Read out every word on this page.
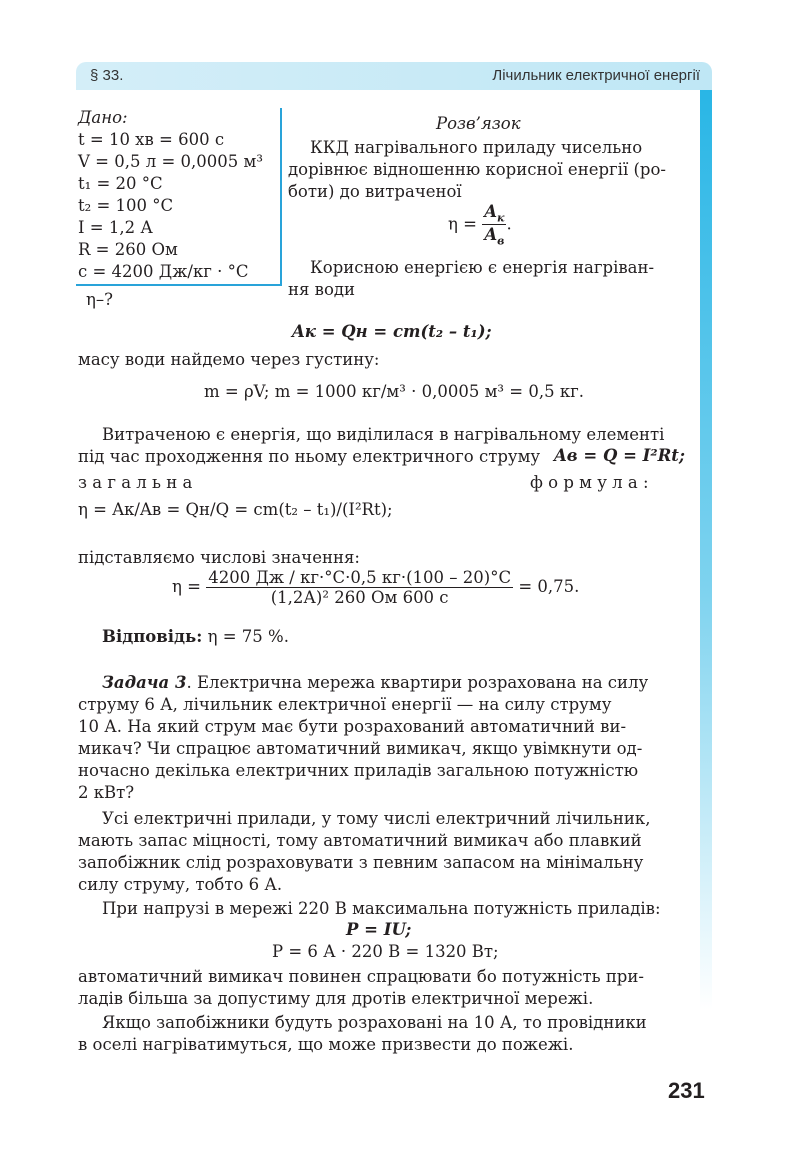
§ 33.	Лічильник електричної енергії
Дано:
t = 10 хв = 600 с
V = 0,5 л = 0,0005 м³
t₁ = 20 °С
t₂ = 100 °С
I = 1,2 А
R = 260 Ом
c = 4200 Дж/кг · °С
η–?
Розв’язок
ККД нагрівального приладу чисельно
дорівнює відношенню корисної енергії (ро-
боти) до витраченої
$\eta = \frac{A_к}{A_в}$ .
Корисною енергією є енергія нагріван-
ня води
Aк = Qн = cm(t₂ – t₁);
масу води найдемо через густину:
m = ρV; m = 1000 кг/м³ · 0,0005 м³ = 0,5 кг.
Витраченою є енергія, що виділилася в нагрівальному елементі
під час проходження по ньому електричного струму Aв = Q = I²Rt;
з а г а л ь н а	ф о р м у л а :
η = Aк/Aв = Qн/Q = cm(t₂ – t₁)/(I²Rt);
підставляємо числові значення:
$\eta = \frac{4200 Дж / кг\cdot^\circ С\cdot 0,5 кг\cdot(100 - 20)^\circ С}{\text{(1,2А)² 260 Ом 600 с}} = 0,75$.
Відповідь: η = 75 %.
Задача 3. Електрична мережа квартири розрахована на силу
струму 6 А, лічильник електричної енергії — на силу струму
10 А. На який струм має бути розрахований автоматичний ви-
микач? Чи спрацює автоматичний вимикач, якщо увімкнути од-
ночасно декілька електричних приладів загальною потужністю
2 кВт?
Усі електричні прилади, у тому числі електричний лічильник,
мають запас міцності, тому автоматичний вимикач або плавкий
запобіжник слід розраховувати з певним запасом на мінімальну
силу струму, тобто 6 А.
При напрузі в мережі 220 В максимальна потужність приладів:
P = IU;
P = 6 А · 220 В = 1320 Вт;
автоматичний вимикач повинен спрацювати бо потужність при-
ладів більша за допустиму для дротів електричної мережі.
Якщо запобіжники будуть розраховані на 10 А, то провідники
в оселі нагріватимуться, що може призвести до пожежі.
231
